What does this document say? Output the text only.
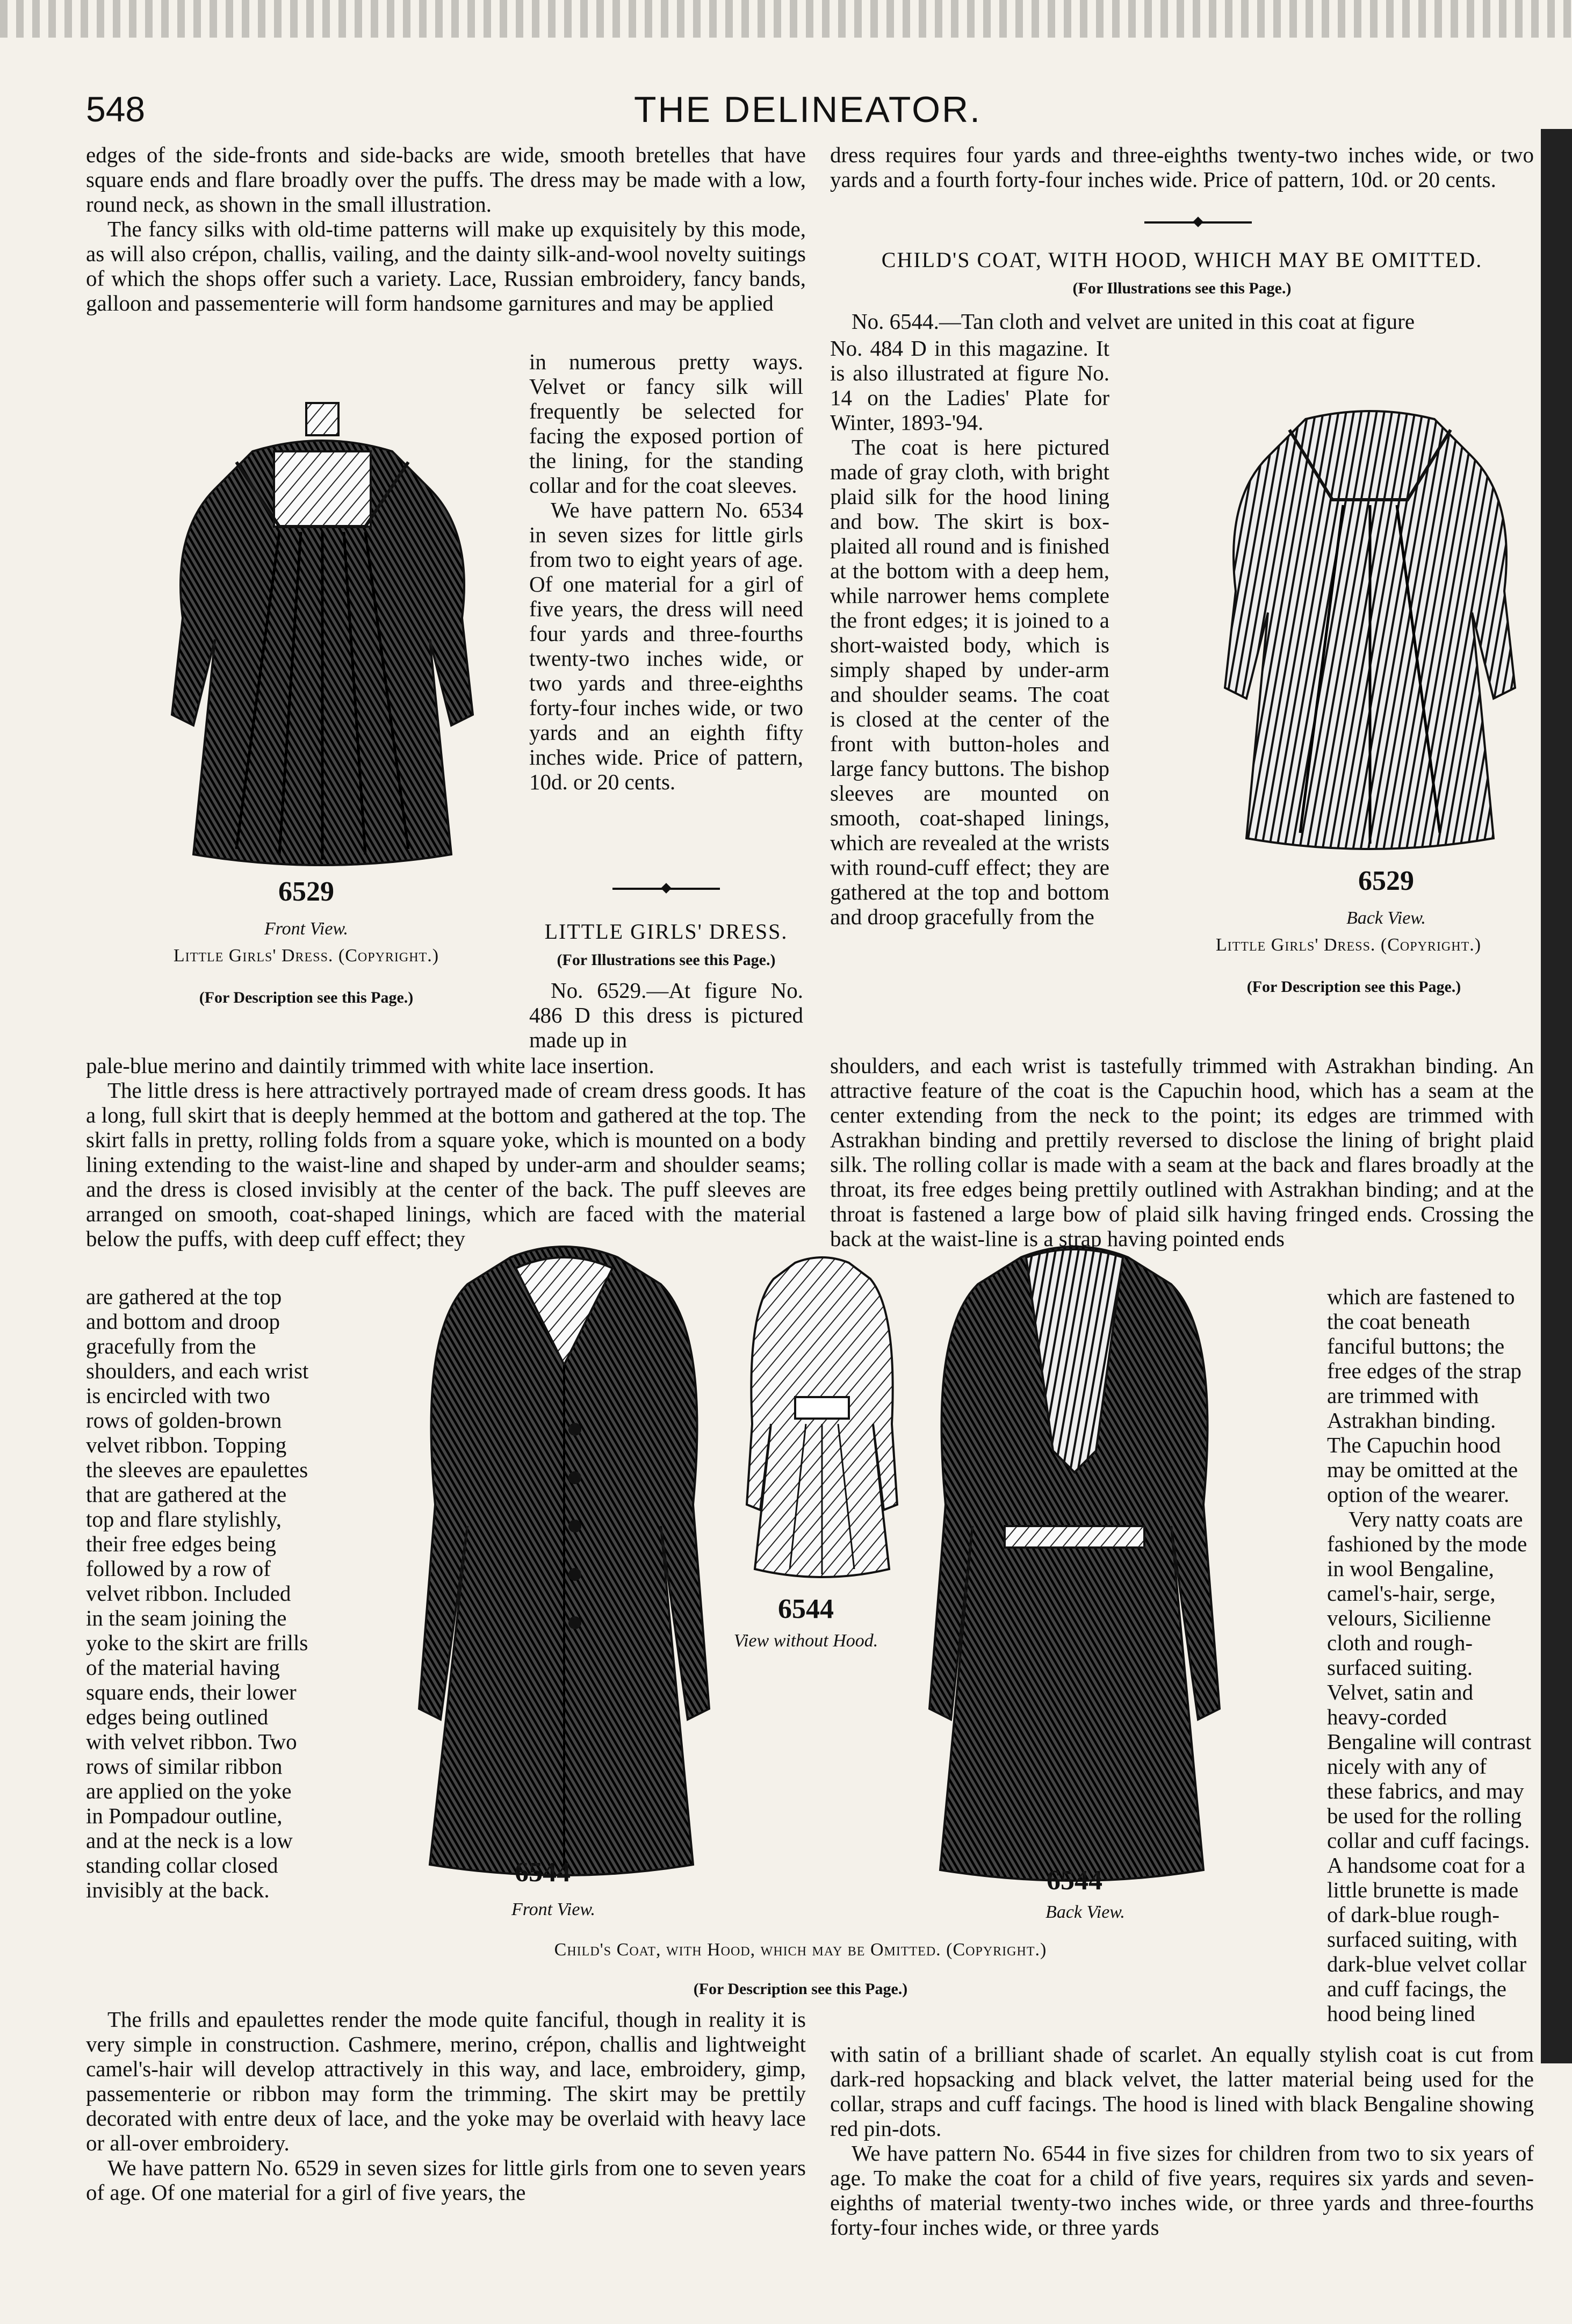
548	THE DELINEATOR.

edges of the side-fronts and side-backs are wide, smooth bretelles that have square ends and flare broadly over the puffs. The dress may be made with a low, round neck, as shown in the small illustration.

The fancy silks with old-time patterns will make up exquisitely by this mode, as will also crépon, challis, vailing, and the dainty silk-and-wool novelty suitings of which the shops offer such a variety. Lace, Russian embroidery, fancy bands, galloon and passementerie will form handsome garnitures and may be applied

6529
Front View.
Little Girls' Dress. (Copyright.)
(For Description see this Page.)

in numerous pretty ways. Velvet or fancy silk will frequently be selected for facing the exposed portion of the lining, for the standing collar and for the coat sleeves.

We have pattern No. 6534 in seven sizes for little girls from two to eight years of age. Of one material for a girl of five years, the dress will need four yards and three-fourths twenty-two inches wide, or two yards and three-eighths forty-four inches wide, or two yards and an eighth fifty inches wide. Price of pattern, 10d. or 20 cents.

LITTLE GIRLS' DRESS.
(For Illustrations see this Page.)

No. 6529.—At figure No. 486 D this dress is pictured made up in

pale-blue merino and daintily trimmed with white lace insertion.

The little dress is here attractively portrayed made of cream dress goods. It has a long, full skirt that is deeply hemmed at the bottom and gathered at the top. The skirt falls in pretty, rolling folds from a square yoke, which is mounted on a body lining extending to the waist-line and shaped by under-arm and shoulder seams; and the dress is closed invisibly at the center of the back. The puff sleeves are arranged on smooth, coat-shaped linings, which are faced with the material below the puffs, with deep cuff effect; they

are gathered at the top and bottom and droop gracefully from the shoulders, and each wrist is encircled with two rows of golden-brown velvet ribbon. Topping the sleeves are epaulettes that are gathered at the top and flare stylishly, their free edges being followed by a row of velvet ribbon. Included in the seam joining the yoke to the skirt are frills of the material having square ends, their lower edges being outlined with velvet ribbon. Two rows of similar ribbon are applied on the yoke in Pompadour outline, and at the neck is a low standing collar closed invisibly at the back.

6544
Front View.
6544
View without Hood.
6544
Back View.
Child's Coat, with Hood, which may be Omitted. (Copyright.)
(For Description see this Page.)

The frills and epaulettes render the mode quite fanciful, though in reality it is very simple in construction. Cashmere, merino, crépon, challis and lightweight camel's-hair will develop attractively in this way, and lace, embroidery, gimp, passementerie or ribbon may form the trimming. The skirt may be prettily decorated with entre deux of lace, and the yoke may be overlaid with heavy lace or all-over embroidery.

We have pattern No. 6529 in seven sizes for little girls from one to seven years of age. Of one material for a girl of five years, the

dress requires four yards and three-eighths twenty-two inches wide, or two yards and a fourth forty-four inches wide. Price of pattern, 10d. or 20 cents.

CHILD'S COAT, WITH HOOD, WHICH MAY BE OMITTED.
(For Illustrations see this Page.)

No. 6544.—Tan cloth and velvet are united in this coat at figure

No. 484 D in this magazine. It is also illustrated at figure No. 14 on the Ladies' Plate for Winter, 1893-'94.

The coat is here pictured made of gray cloth, with bright plaid silk for the hood lining and bow. The skirt is box-plaited all round and is finished at the bottom with a deep hem, while narrower hems complete the front edges; it is joined to a short-waisted body, which is simply shaped by under-arm and shoulder seams. The coat is closed at the center of the front with button-holes and large fancy buttons. The bishop sleeves are mounted on smooth, coat-shaped linings, which are revealed at the wrists with round-cuff effect; they are gathered at the top and bottom and droop gracefully from the

6529
Back View.
Little Girls' Dress. (Copyright.)
(For Description see this Page.)

shoulders, and each wrist is tastefully trimmed with Astrakhan binding. An attractive feature of the coat is the Capuchin hood, which has a seam at the center extending from the neck to the point; its edges are trimmed with Astrakhan binding and prettily reversed to disclose the lining of bright plaid silk. The rolling collar is made with a seam at the back and flares broadly at the throat, its free edges being prettily outlined with Astrakhan binding; and at the throat is fastened a large bow of plaid silk having fringed ends. Crossing the back at the waist-line is a strap having pointed ends

which are fastened to the coat beneath fanciful buttons; the free edges of the strap are trimmed with Astrakhan binding. The Capuchin hood may be omitted at the option of the wearer.

Very natty coats are fashioned by the mode in wool Bengaline, camel's-hair, serge, velours, Sicilienne cloth and rough-surfaced suiting. Velvet, satin and heavy-corded Bengaline will contrast nicely with any of these fabrics, and may be used for the rolling collar and cuff facings. A handsome coat for a little brunette is made of dark-blue rough-surfaced suiting, with dark-blue velvet collar and cuff facings, the hood being lined

with satin of a brilliant shade of scarlet. An equally stylish coat is cut from dark-red hopsacking and black velvet, the latter material being used for the collar, straps and cuff facings. The hood is lined with black Bengaline showing red pin-dots.

We have pattern No. 6544 in five sizes for children from two to six years of age. To make the coat for a child of five years, requires six yards and seven-eighths of material twenty-two inches wide, or three yards and three-fourths forty-four inches wide, or three yards
